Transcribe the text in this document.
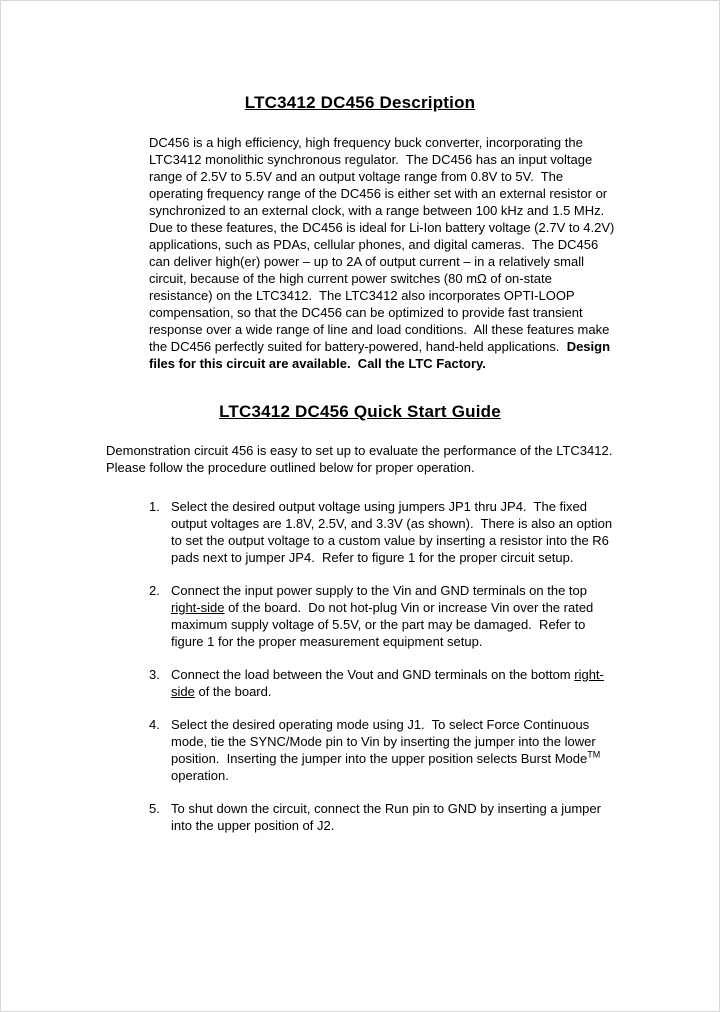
LTC3412 DC456 Description

DC456 is a high efficiency, high frequency buck converter, incorporating the LTC3412 monolithic synchronous regulator.  The DC456 has an input voltage range of 2.5V to 5.5V and an output voltage range from 0.8V to 5V.  The operating frequency range of the DC456 is either set with an external resistor or synchronized to an external clock, with a range between 100 kHz and 1.5 MHz.  Due to these features, the DC456 is ideal for Li-Ion battery voltage (2.7V to 4.2V) applications, such as PDAs, cellular phones, and digital cameras.  The DC456 can deliver high(er) power – up to 2A of output current – in a relatively small circuit, because of the high current power switches (80 mΩ of on-state resistance) on the LTC3412.  The LTC3412 also incorporates OPTI-LOOP compensation, so that the DC456 can be optimized to provide fast transient response over a wide range of line and load conditions.  All these features make the DC456 perfectly suited for battery-powered, hand-held applications.  Design files for this circuit are available.  Call the LTC Factory.

LTC3412 DC456 Quick Start Guide

Demonstration circuit 456 is easy to set up to evaluate the performance of the LTC3412. Please follow the procedure outlined below for proper operation.

1. Select the desired output voltage using jumpers JP1 thru JP4.  The fixed output voltages are 1.8V, 2.5V, and 3.3V (as shown).  There is also an option to set the output voltage to a custom value by inserting a resistor into the R6 pads next to jumper JP4.  Refer to figure 1 for the proper circuit setup.

2. Connect the input power supply to the Vin and GND terminals on the top right-side of the board.  Do not hot-plug Vin or increase Vin over the rated maximum supply voltage of 5.5V, or the part may be damaged.  Refer to figure 1 for the proper measurement equipment setup.

3. Connect the load between the Vout and GND terminals on the bottom right-side of the board.

4. Select the desired operating mode using J1.  To select Force Continuous mode, tie the SYNC/Mode pin to Vin by inserting the jumper into the lower position.  Inserting the jumper into the upper position selects Burst Mode™ operation.

5. To shut down the circuit, connect the Run pin to GND by inserting a jumper into the upper position of J2.
